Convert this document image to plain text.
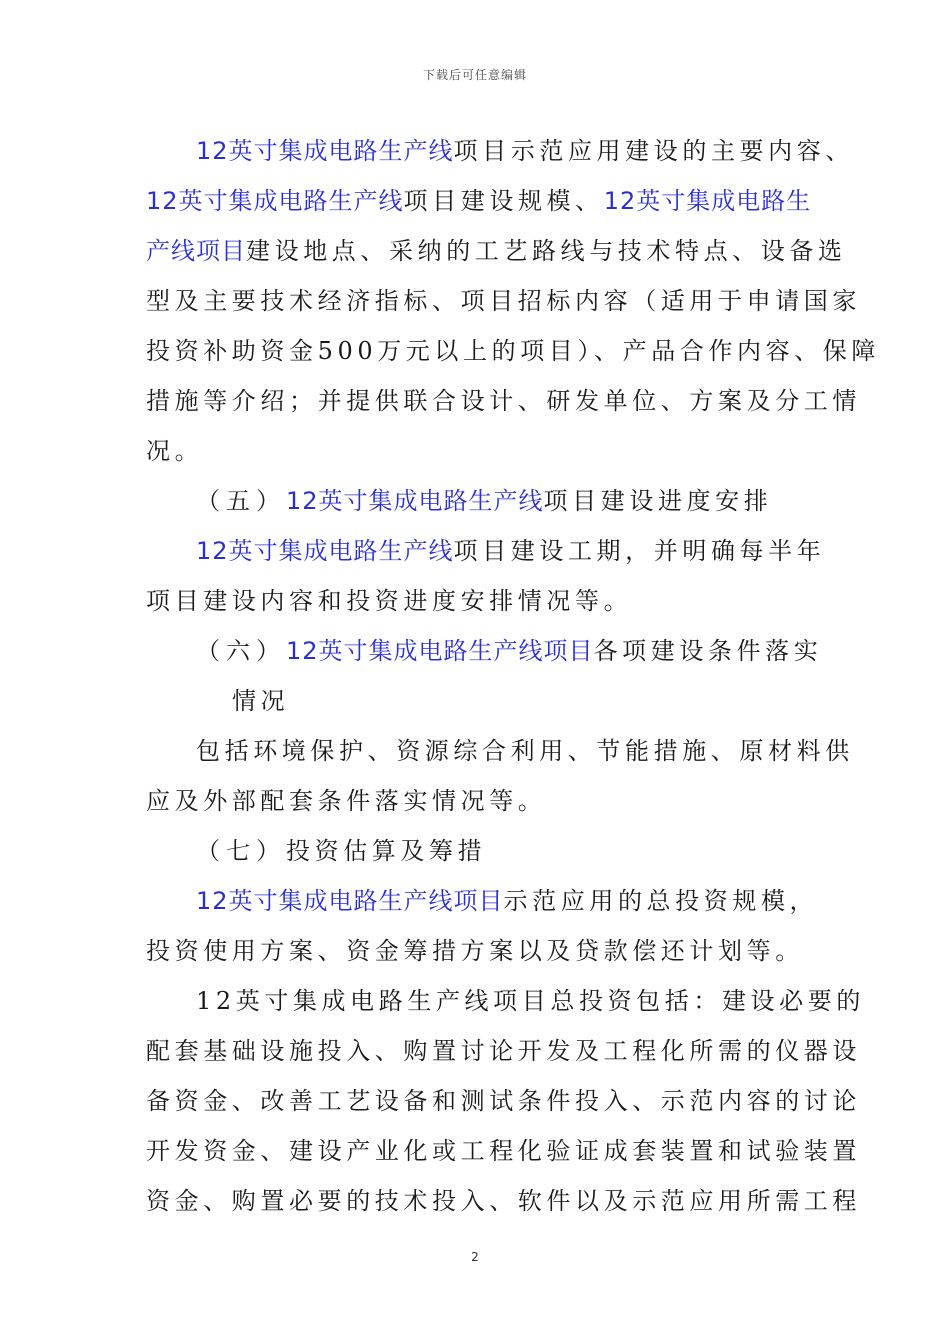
下载后可任意编辑
12英寸集成电路生产线项目示范应用建设的主要内容、
12英寸集成电路生产线项目建设规模、12英寸集成电路生
产线项目建设地点、采纳的工艺路线与技术特点、设备选
型及主要技术经济指标、项目招标内容（适用于申请国家
投资补助资金500万元以上的项目）、产品合作内容、保障
措施等介绍；并提供联合设计、研发单位、方案及分工情
况。
（五）12英寸集成电路生产线项目建设进度安排
12英寸集成电路生产线项目建设工期，并明确每半年
项目建设内容和投资进度安排情况等。
（六）12英寸集成电路生产线项目各项建设条件落实
情况
包括环境保护、资源综合利用、节能措施、原材料供
应及外部配套条件落实情况等。
（七）投资估算及筹措
12英寸集成电路生产线项目示范应用的总投资规模，
投资使用方案、资金筹措方案以及贷款偿还计划等。
12英寸集成电路生产线项目总投资包括：建设必要的
配套基础设施投入、购置讨论开发及工程化所需的仪器设
备资金、改善工艺设备和测试条件投入、示范内容的讨论
开发资金、建设产业化或工程化验证成套装置和试验装置
资金、购置必要的技术投入、软件以及示范应用所需工程
2
